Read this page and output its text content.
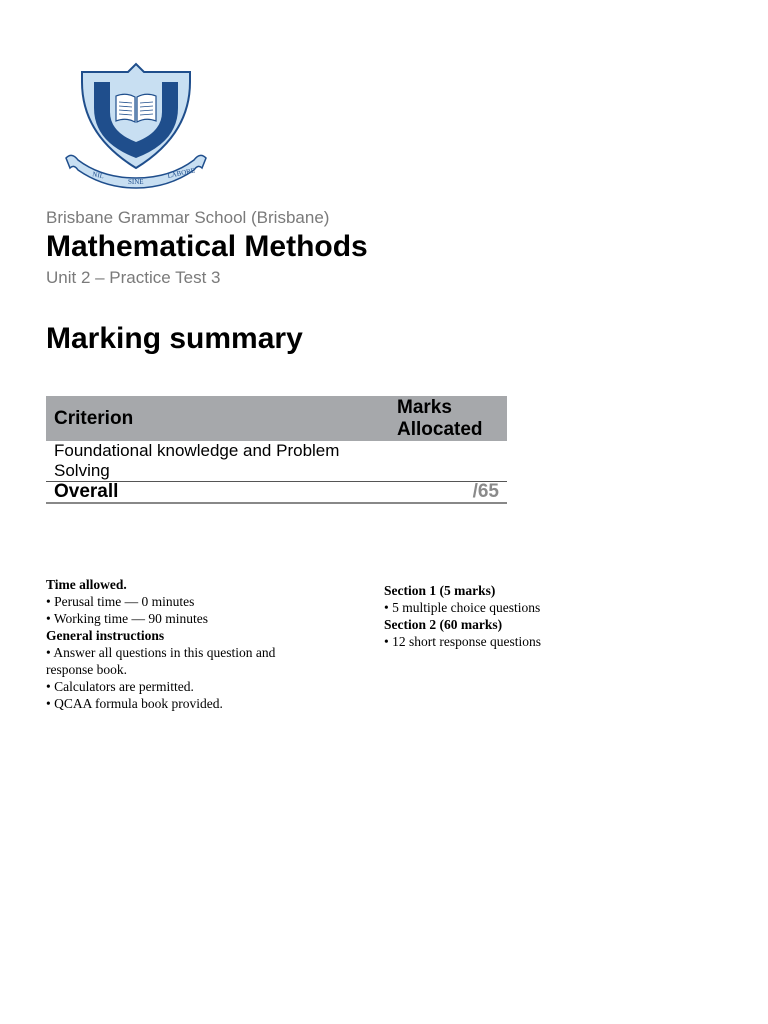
NIL
SINE
LABORE
Brisbane Grammar School (Brisbane)
Mathematical Methods
Unit 2 – Practice Test 3
Marking summary
Criterion	Marks Allocated
Foundational knowledge and Problem Solving	
Overall	/65
Time allowed.
• Perusal time — 0 minutes
• Working time — 90 minutes
General instructions
• Answer all questions in this question and response book.
• Calculators are permitted.
• QCAA formula book provided.
Section 1 (5 marks)
• 5 multiple choice questions
Section 2 (60 marks)
• 12 short response questions
